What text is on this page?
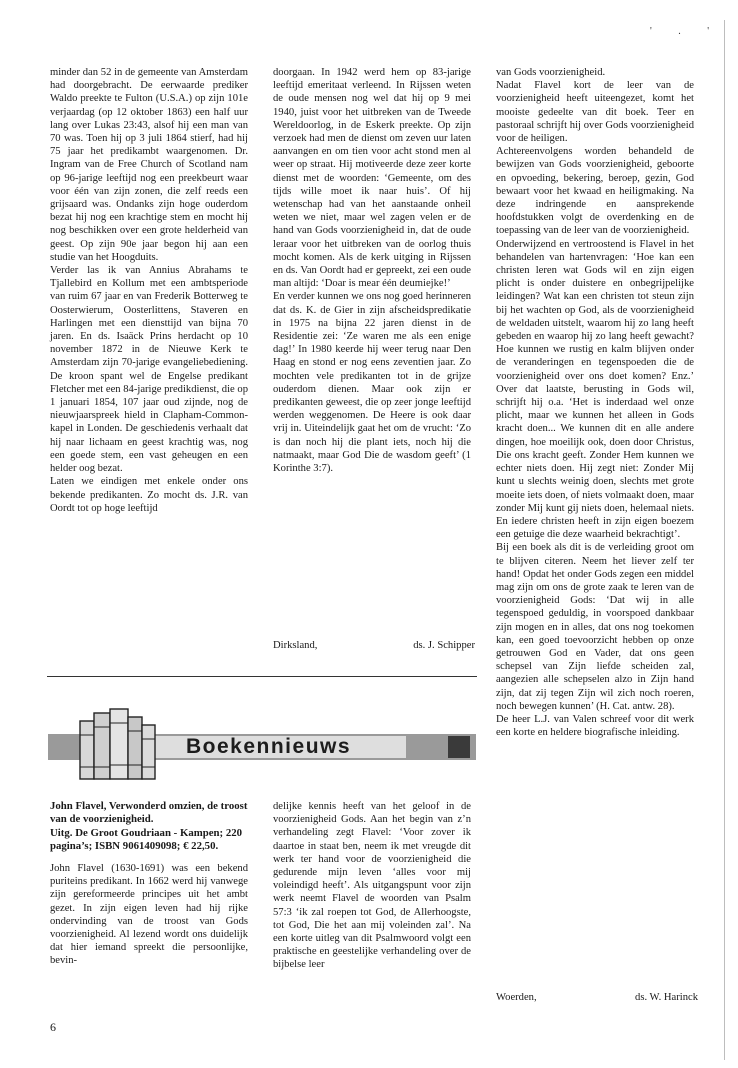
' . '

minder dan 52 in de gemeente van Amsterdam had doorgebracht. De eerwaarde prediker Waldo preekte te Fulton (U.S.A.) op zijn 101e verjaardag (op 12 oktober 1863) een half uur lang over Lukas 23:43, alsof hij een man van 70 was. Toen hij op 3 juli 1864 stierf, had hij 75 jaar het predikambt waargenomen. Dr. Ingram van de Free Church of Scotland nam op 96-jarige leeftijd nog een preekbeurt waar voor één van zijn zonen, die zelf reeds een grijsaard was. Ondanks zijn hoge ouderdom bezat hij nog een krachtige stem en mocht hij nog beschikken over een grote helderheid van geest. Op zijn 90e jaar begon hij aan een studie van het Hoogduits.
Verder las ik van Annius Abrahams te Tjallebird en Kollum met een ambtsperiode van ruim 67 jaar en van Frederik Botterweg te Oosterwierum, Oosterlittens, Staveren en Harlingen met een diensttijd van bijna 70 jaren. En ds. Isaäck Prins herdacht op 10 november 1872 in de Nieuwe Kerk te Amsterdam zijn 70-jarige evangeliebediening. De kroon spant wel de Engelse predikant Fletcher met een 84-jarige predikdienst, die op 1 januari 1854, 107 jaar oud zijnde, nog de nieuwjaarspreek hield in Clapham-Common-kapel in Londen. De geschiedenis verhaalt dat hij naar lichaam en geest krachtig was, nog een goede stem, een vast geheugen en een helder oog bezat.
Laten we eindigen met enkele onder ons bekende predikanten. Zo mocht ds. J.R. van Oordt tot op hoge leeftijd

doorgaan. In 1942 werd hem op 83-jarige leeftijd emeritaat verleend. In Rijssen weten de oude mensen nog wel dat hij op 9 mei 1940, juist voor het uitbreken van de Tweede Wereldoorlog, in de Eskerk preekte. Op zijn verzoek had men de dienst om zeven uur laten aanvangen en om tien voor acht stond men al weer op straat. Hij motiveerde deze zeer korte dienst met de woorden: ‘Gemeente, om des tijds wille moet ik naar huis’. Of hij wetenschap had van het aanstaande onheil weten we niet, maar wel zagen velen er de hand van Gods voorzienigheid in, dat de oude leraar voor het uitbreken van de oorlog thuis mocht komen. Als de kerk uitging in Rijssen en ds. Van Oordt had er gepreekt, zei een oude man altijd: ‘Doar is mear één deumiejke!’
En verder kunnen we ons nog goed herinneren dat ds. K. de Gier in zijn afscheidspredikatie in 1975 na bijna 22 jaren dienst in de Residentie zei: ‘Ze waren me als een enige dag!’ In 1980 keerde hij weer terug naar Den Haag en stond er nog eens zeventien jaar. Zo mochten vele predikanten tot in de grijze ouderdom dienen. Maar ook zijn er predikanten geweest, die op zeer jonge leeftijd werden weggenomen. De Heere is ook daar vrij in. Uiteindelijk gaat het om de vrucht: ‘Zo is dan noch hij die plant iets, noch hij die natmaakt, maar God Die de wasdom geeft’ (1 Korinthe 3:7).

Dirksland,	ds. J. Schipper

van Gods voorzienigheid.
Nadat Flavel kort de leer van de voorzienigheid heeft uiteengezet, komt het mooiste gedeelte van dit boek. Teer en pastoraal schrijft hij over Gods voorzienigheid voor de heiligen.
Achtereenvolgens worden behandeld de bewijzen van Gods voorzienigheid, geboorte en opvoeding, bekering, beroep, gezin, God bewaart voor het kwaad en heiligmaking. Na deze indringende en aansprekende hoofdstukken volgt de overdenking en de toepassing van de leer van de voorzienigheid.
Onderwijzend en vertroostend is Flavel in het behandelen van hartenvragen: ‘Hoe kan een christen leren wat Gods wil en zijn eigen plicht is onder duistere en onbegrijpelijke leidingen? Wat kan een christen tot steun zijn bij het wachten op God, als de voorzienigheid de weldaden uitstelt, waarom hij zo lang heeft gebeden en waarop hij zo lang heeft gewacht? Hoe kunnen we rustig en kalm blijven onder de veranderingen en tegenspoeden die de voorzienigheid over ons doet komen? Enz.’ Over dat laatste, berusting in Gods wil, schrijft hij o.a. ‘Het is inderdaad wel onze plicht, maar we kunnen het alleen in Gods kracht doen... We kunnen dit en alle andere dingen, hoe moeilijk ook, doen door Christus, Die ons kracht geeft. Zonder Hem kunnen we echter niets doen. Hij zegt niet: Zonder Mij kunt u slechts weinig doen, slechts met grote moeite iets doen, of niets volmaakt doen, maar zonder Mij kunt gij niets doen, helemaal niets. En iedere christen heeft in zijn eigen boezem een getuige die deze waarheid bekrachtigt’.
Bij een boek als dit is de verleiding groot om te blijven citeren. Neem het liever zelf ter hand! Opdat het onder Gods zegen een middel mag zijn om ons de grote zaak te leren van de voorzienigheid Gods: ‘Dat wij in alle tegenspoed geduldig, in voorspoed dankbaar zijn mogen en in alles, dat ons nog toekomen kan, een goed toevoorzicht hebben op onze getrouwen God en Vader, dat ons geen schepsel van Zijn liefde scheiden zal, aangezien alle schepselen alzo in Zijn hand zijn, dat zij tegen Zijn wil zich noch roeren, noch bewegen kunnen’ (H. Cat. antw. 28).
De heer L.J. van Valen schreef voor dit werk een korte en heldere biografische inleiding.

Woerden,	ds. W. Harinck
Boekennieuws

John Flavel, Verwonderd omzien, de troost van de voorzienigheid.

Uitg. De Groot Goudriaan - Kampen; 220 pagina’s; ISBN 9061409098; € 22,50.

John Flavel (1630-1691) was een bekend puriteins predikant. In 1662 werd hij vanwege zijn gereformeerde principes uit het ambt gezet. In zijn eigen leven had hij rijke ondervinding van de troost van Gods voorzienigheid. Al lezend wordt ons duidelijk dat hier iemand spreekt die persoonlijke, bevin-

delijke kennis heeft van het geloof in de voorzienigheid Gods. Aan het begin van z’n verhandeling zegt Flavel: ‘Voor zover ik daartoe in staat ben, neem ik met vreugde dit werk ter hand voor de voorzienigheid die gedurende mijn leven ‘alles voor mij voleindigd heeft’. Als uitgangspunt voor zijn werk neemt Flavel de woorden van Psalm 57:3 ‘ik zal roepen tot God, de Allerhoogste, tot God, Die het aan mij voleinden zal’. Na een korte uitleg van dit Psalmwoord volgt een praktische en geestelijke verhandeling over de bijbelse leer

6
